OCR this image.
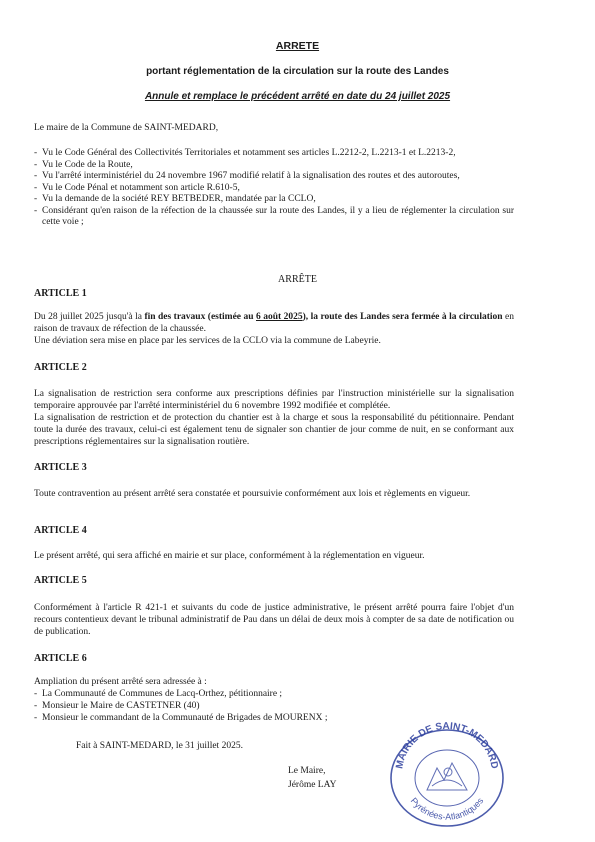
ARRETE
portant réglementation de la circulation sur la route des Landes
Annule et remplace le précédent arrêté en date du 24 juillet 2025
Le maire de la Commune de SAINT-MEDARD,
- Vu le Code Général des Collectivités Territoriales et notamment ses articles L.2212-2, L.2213-1 et L.2213-2,
- Vu le Code de la Route,
- Vu l'arrêté interministériel du 24 novembre 1967 modifié relatif à la signalisation des routes et des autoroutes,
- Vu le Code Pénal et notamment son article R.610-5,
- Vu la demande de la société REY BETBEDER, mandatée par la CCLO,
- Considérant qu'en raison de la réfection de la chaussée sur la route des Landes, il y a lieu de réglementer la circulation sur cette voie ;
ARRÊTE
ARTICLE 1
Du 28 juillet 2025 jusqu'à la fin des travaux (estimée au 6 août 2025), la route des Landes sera fermée à la circulation en raison de travaux de réfection de la chaussée.
Une déviation sera mise en place par les services de la CCLO via la commune de Labeyrie.
ARTICLE 2
La signalisation de restriction sera conforme aux prescriptions définies par l'instruction ministérielle sur la signalisation temporaire approuvée par l'arrêté interministériel du 6 novembre 1992 modifiée et complétée.
La signalisation de restriction et de protection du chantier est à la charge et sous la responsabilité du pétitionnaire. Pendant toute la durée des travaux, celui-ci est également tenu de signaler son chantier de jour comme de nuit, en se conformant aux prescriptions réglementaires sur la signalisation routière.
ARTICLE 3
Toute contravention au présent arrêté sera constatée et poursuivie conformément aux lois et règlements en vigueur.
ARTICLE 4
Le présent arrêté, qui sera affiché en mairie et sur place, conformément à la réglementation en vigueur.
ARTICLE 5
Conformément à l'article R 421-1 et suivants du code de justice administrative, le présent arrêté pourra faire l'objet d'un recours contentieux devant le tribunal administratif de Pau dans un délai de deux mois à compter de sa date de notification ou de publication.
ARTICLE 6
Ampliation du présent arrêté sera adressée à :
- La Communauté de Communes de Lacq-Orthez, pétitionnaire ;
- Monsieur le Maire de CASTETNER (40)
- Monsieur le commandant de la Communauté de Brigades de MOURENX ;
Fait à SAINT-MEDARD, le 31 juillet 2025.
Le Maire,
Jérôme LAY
MAIRIE DE SAINT-MEDARD
Pyrénées-Atlantiques
